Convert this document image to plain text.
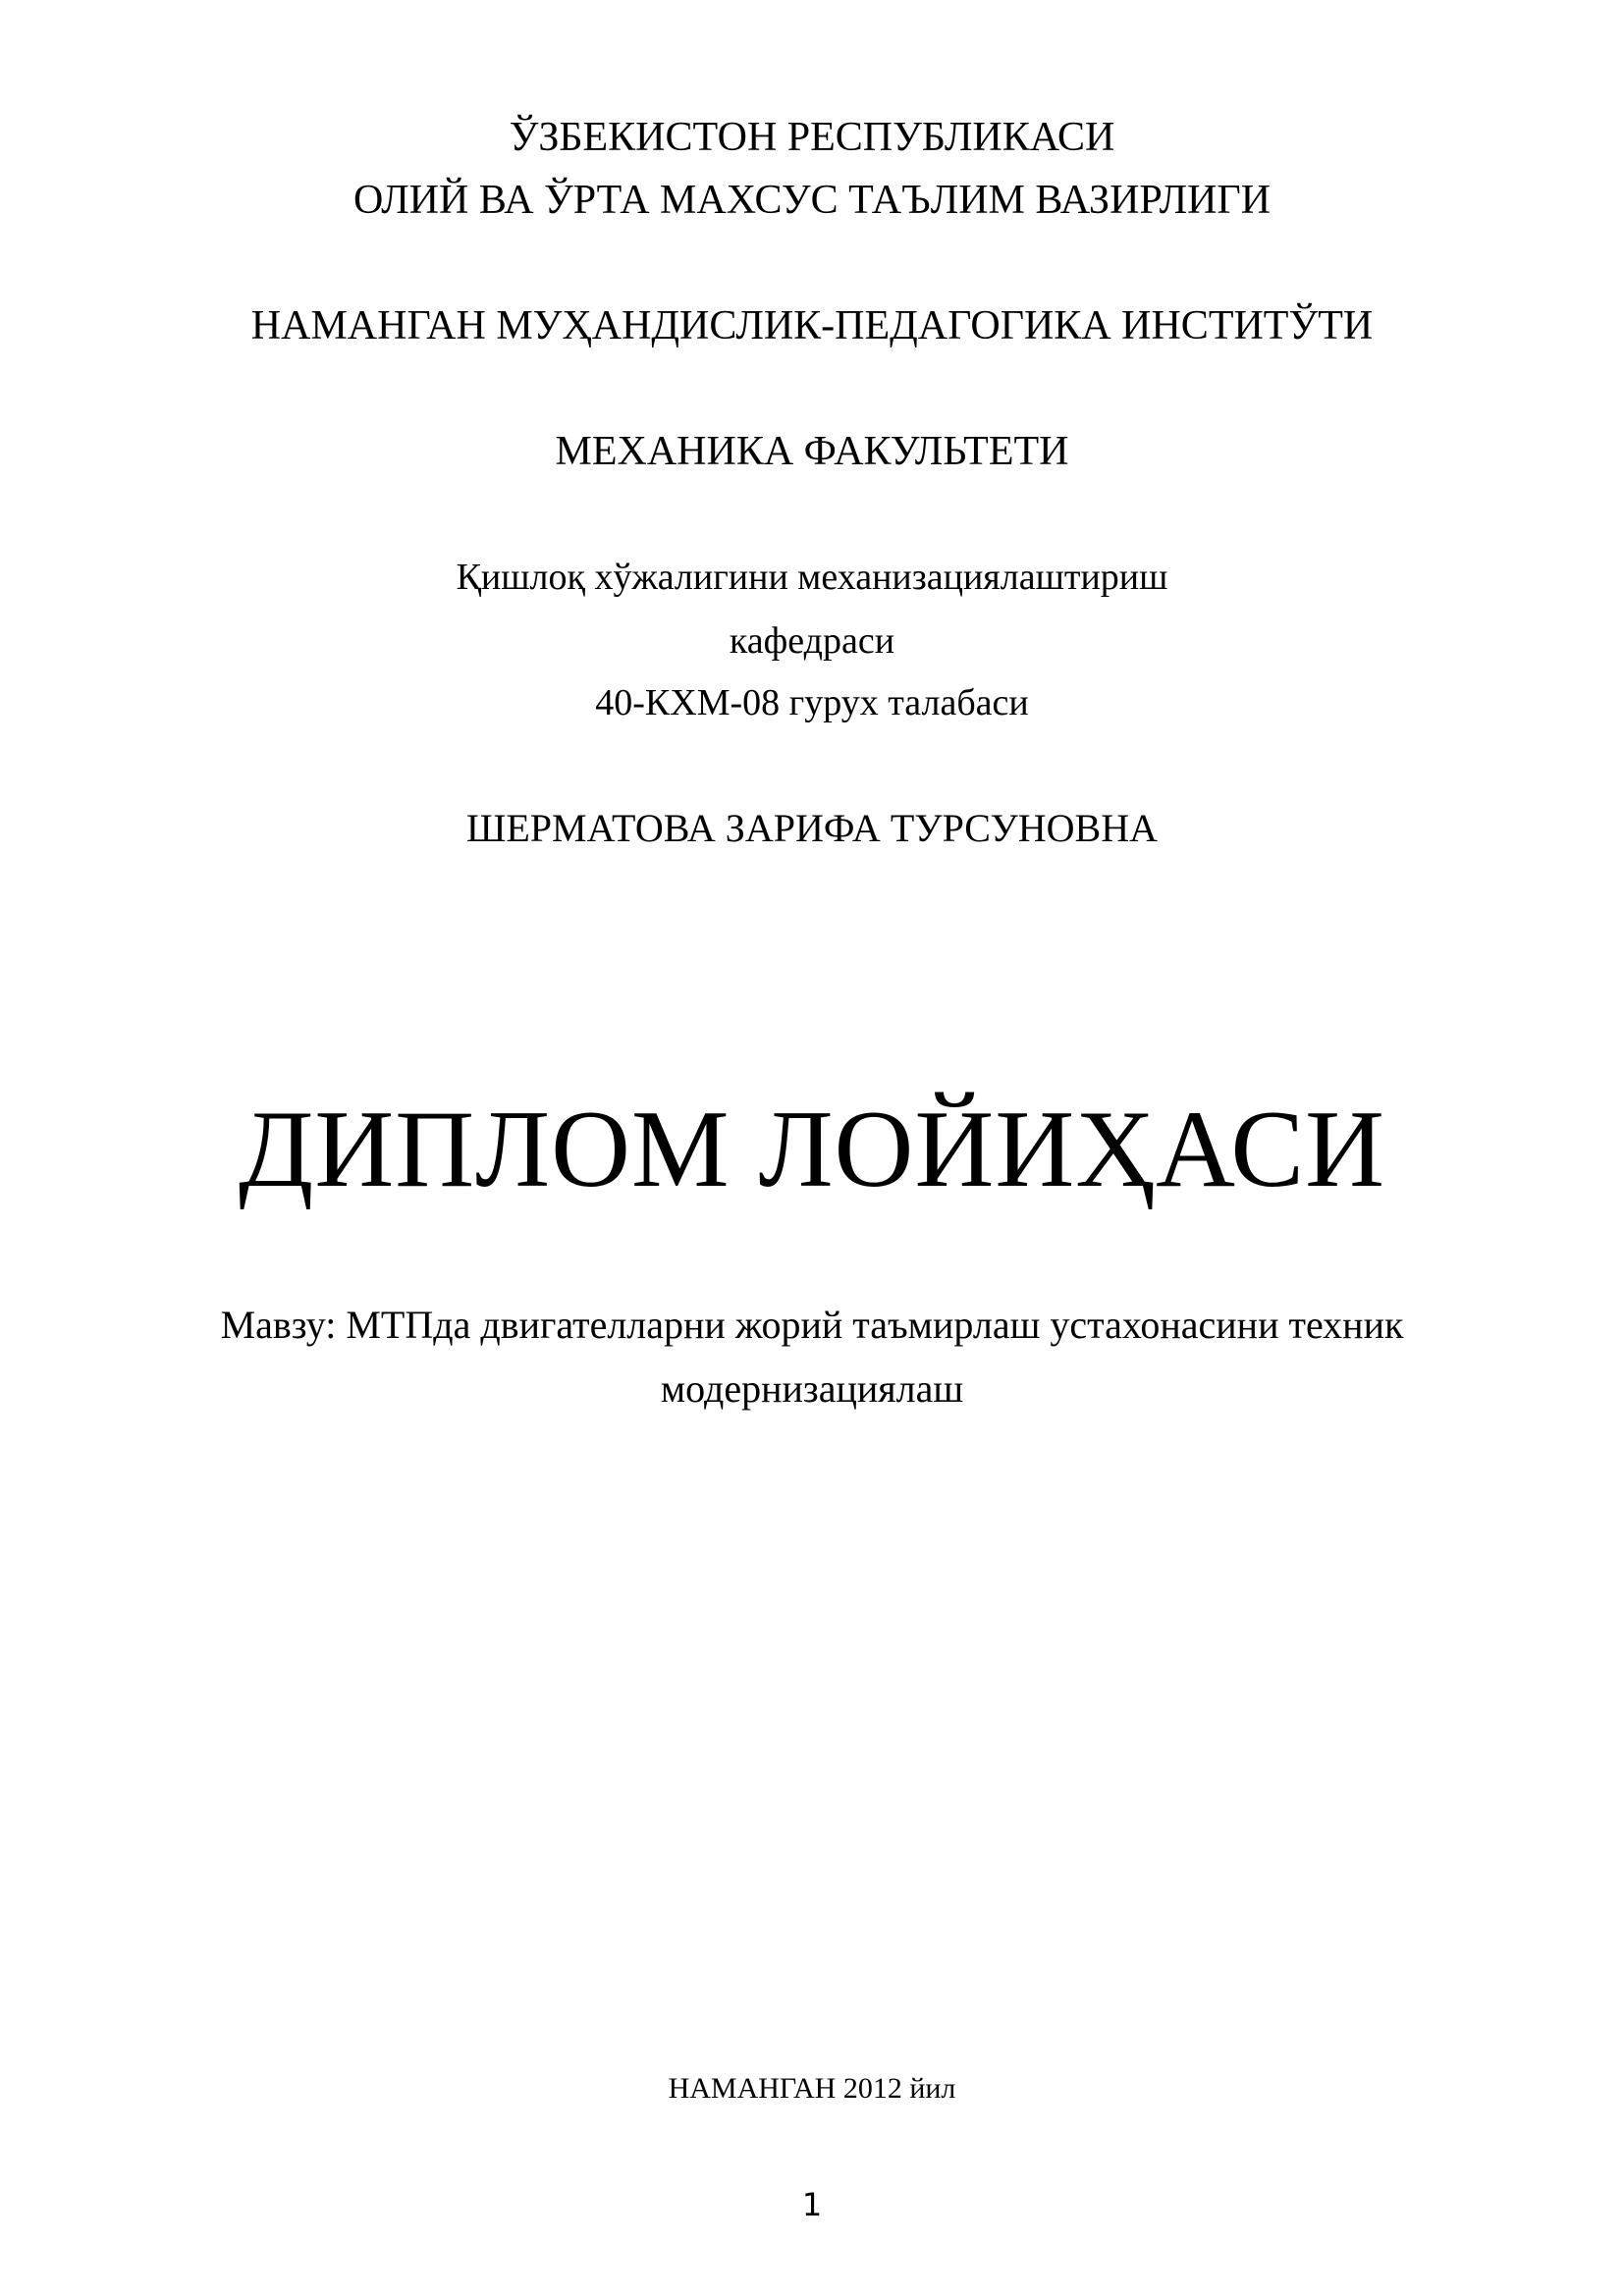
ЎЗБЕКИСТОН РЕСПУБЛИКАСИ
ОЛИЙ ВА ЎРТА МАХСУС ТАЪЛИМ ВАЗИРЛИГИ
НАМАНГАН МУҲАНДИСЛИК-ПЕДАГОГИКА ИНСТИТЎТИ
МЕХАНИКА ФАКУЛЬТЕТИ
Қишлоқ хўжалигини механизациялаштириш
кафедраси
40-КХМ-08 гурух талабаси
ШЕРМАТОВА ЗАРИФА ТУРСУНОВНА
ДИПЛОМ ЛОЙИҲАСИ
Мавзу: МТПда двигателларни жорий таъмирлаш устахонасини техник
модернизациялаш
НАМАНГАН 2012 йил
1
